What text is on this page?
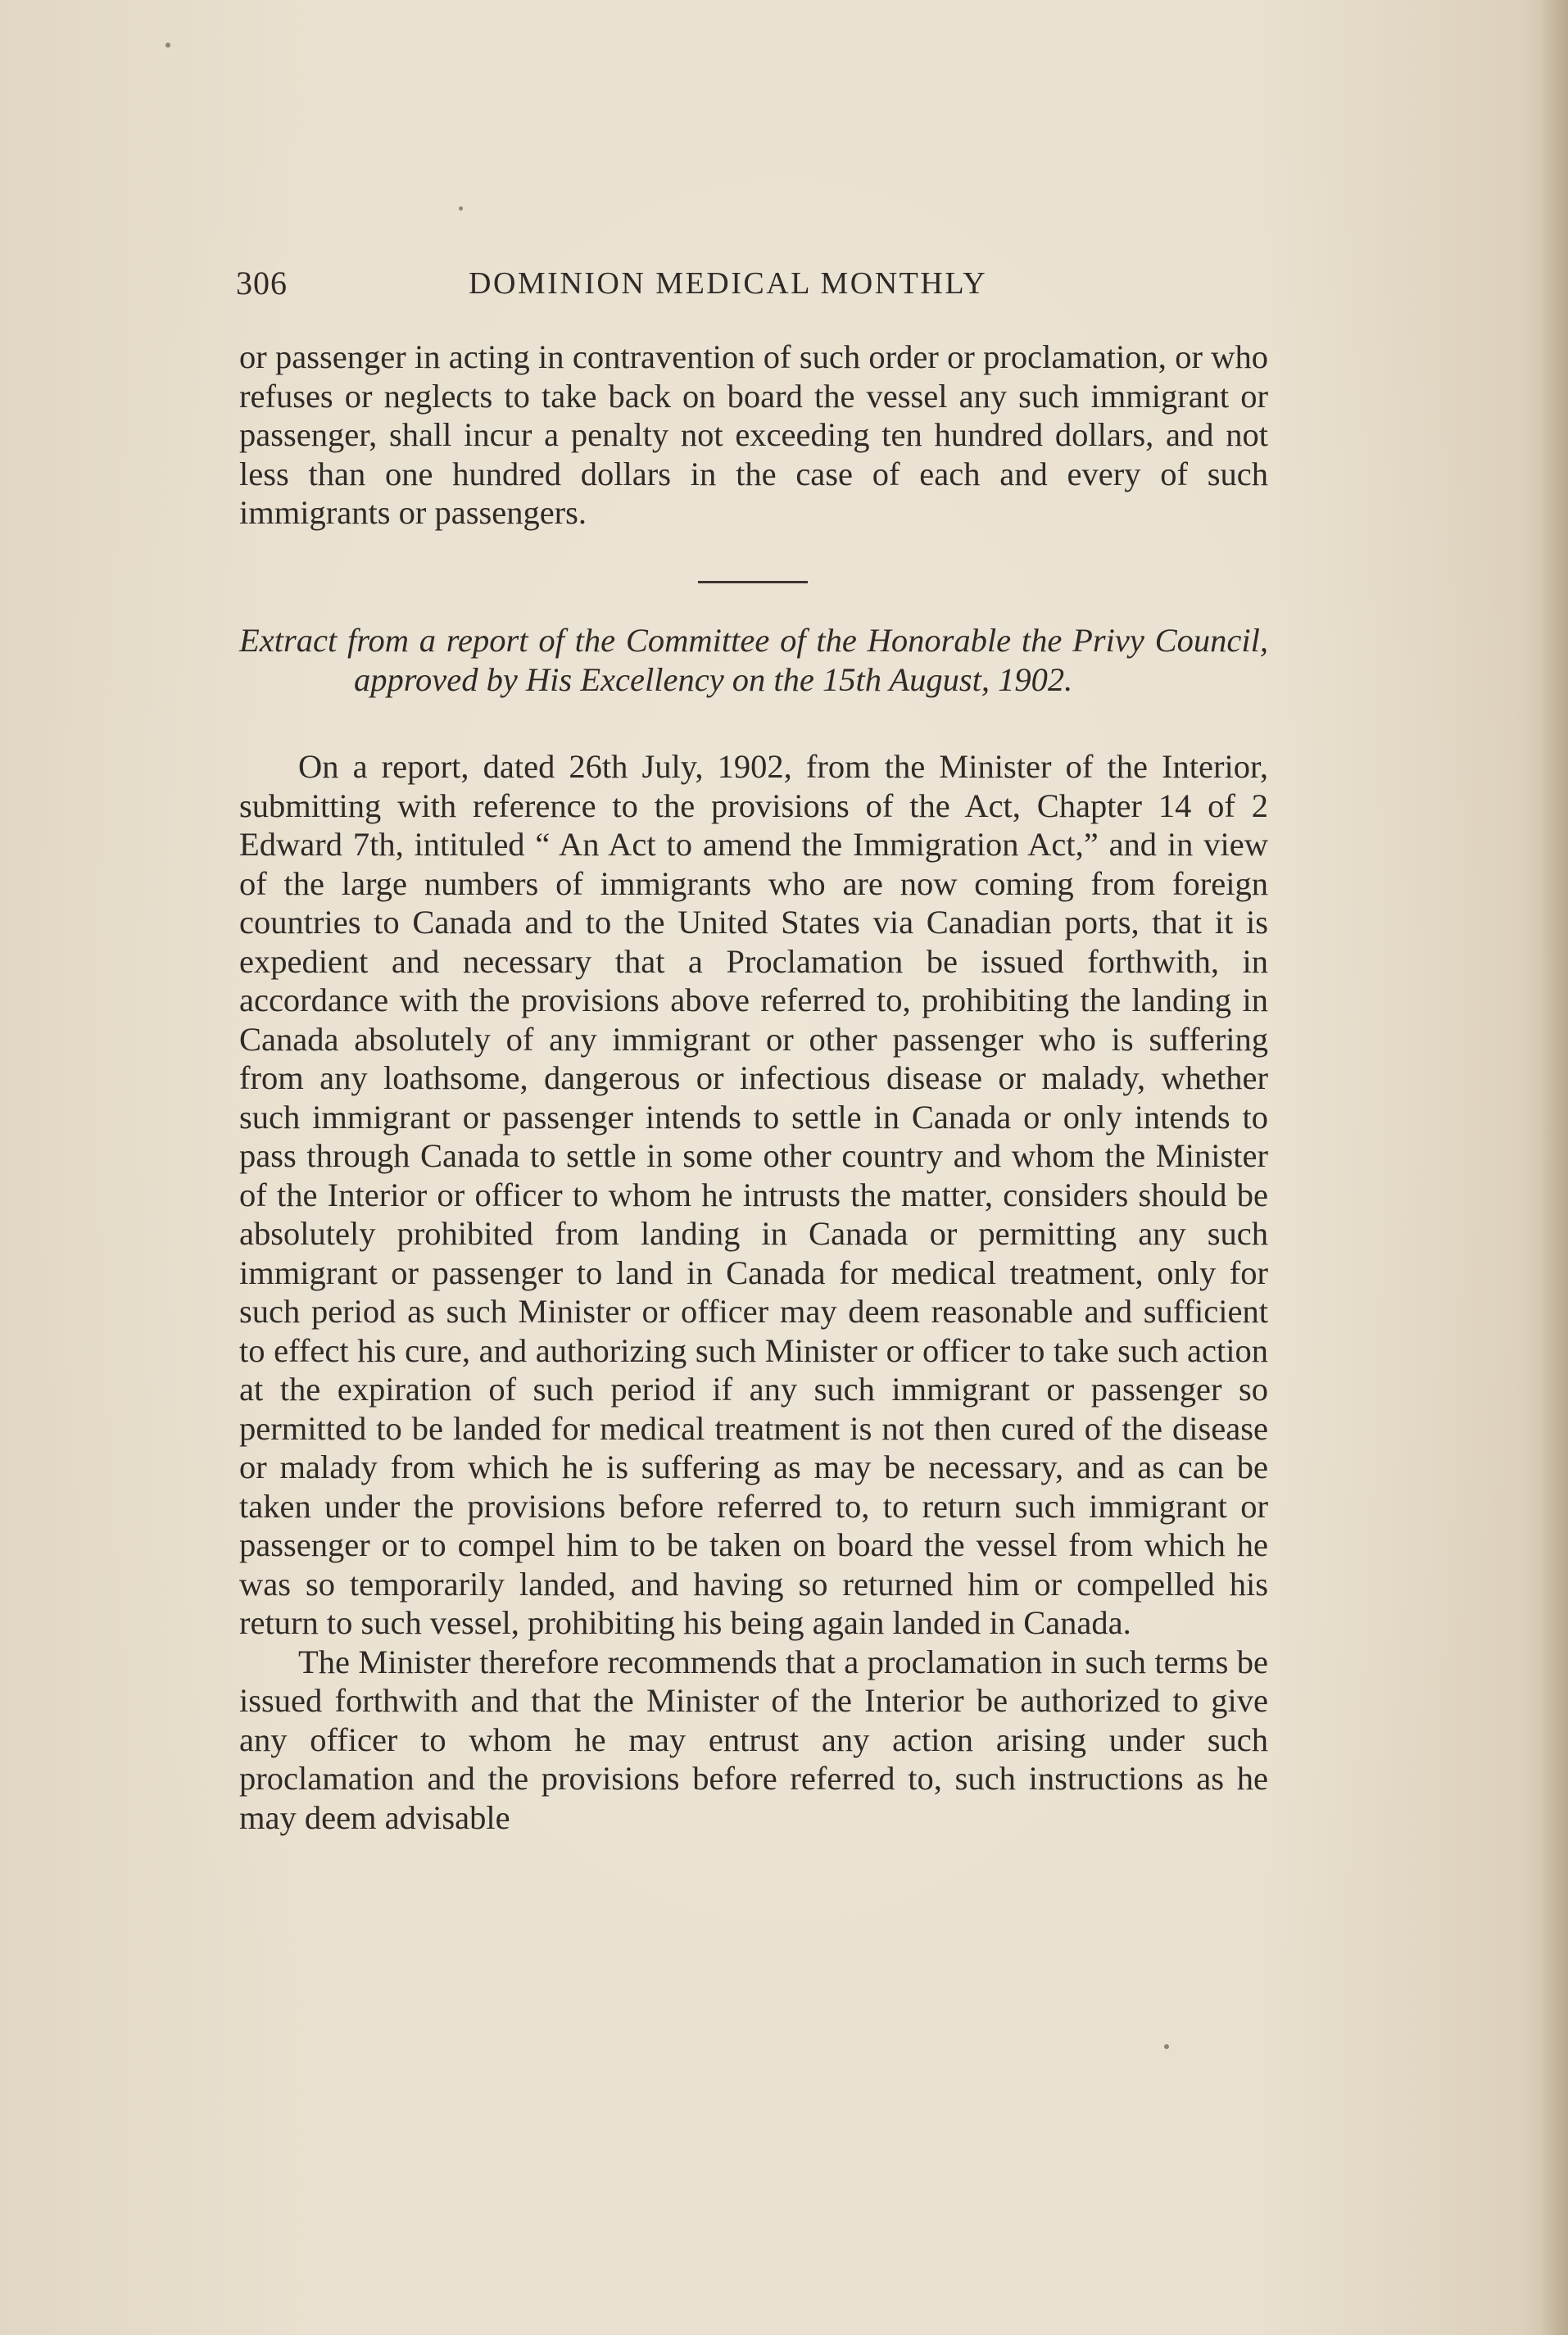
306	DOMINION MEDICAL MONTHLY

or passenger in acting in contravention of such order or proclamation, or who refuses or neglects to take back on board the vessel any such immigrant or passenger, shall incur a penalty not exceeding ten hundred dollars, and not less than one hundred dollars in the case of each and every of such immigrants or passengers.

Extract from a report of the Committee of the Honorable the Privy Council, approved by His Excellency on the 15th August, 1902.

On a report, dated 26th July, 1902, from the Minister of the Interior, submitting with reference to the provisions of the Act, Chapter 14 of 2 Edward 7th, intituled “ An Act to amend the Immigration Act,” and in view of the large numbers of immigrants who are now coming from foreign countries to Canada and to the United States via Canadian ports, that it is expedient and necessary that a Proclamation be issued forthwith, in accordance with the provisions above referred to, prohibiting the landing in Canada absolutely of any immigrant or other passenger who is suffering from any loathsome, dangerous or infectious disease or malady, whether such immigrant or passenger intends to settle in Canada or only intends to pass through Canada to settle in some other country and whom the Minister of the Interior or officer to whom he intrusts the matter, considers should be absolutely prohibited from landing in Canada or permitting any such immigrant or passenger to land in Canada for medical treatment, only for such period as such Minister or officer may deem reasonable and sufficient to effect his cure, and authorizing such Minister or officer to take such action at the expiration of such period if any such immigrant or passenger so permitted to be landed for medical treatment is not then cured of the disease or malady from which he is suffering as may be necessary, and as can be taken under the provisions before referred to, to return such immigrant or passenger or to compel him to be taken on board the vessel from which he was so temporarily landed, and having so returned him or compelled his return to such vessel, prohibiting his being again landed in Canada.

The Minister therefore recommends that a proclamation in such terms be issued forthwith and that the Minister of the Interior be authorized to give any officer to whom he may entrust any action arising under such proclamation and the provisions before referred to, such instructions as he may deem advisable
